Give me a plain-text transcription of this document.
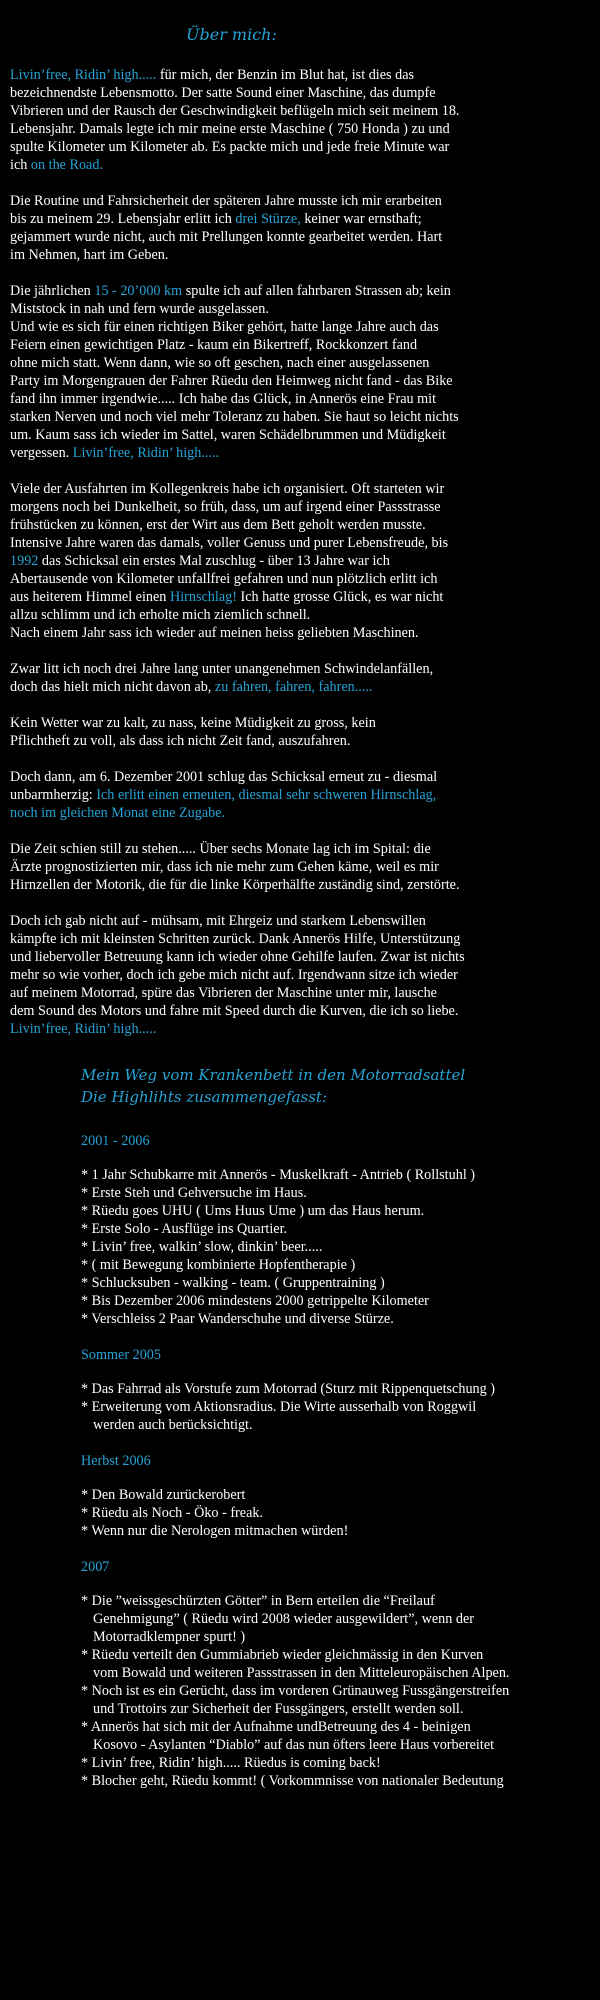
Über mich:
Livin’free, Ridin’ high..... für mich, der Benzin im Blut hat, ist dies das
bezeichnendste Lebensmotto. Der satte Sound einer Maschine, das dumpfe
Vibrieren und der Rausch der Geschwindigkeit beflügeln mich seit meinem 18.
Lebensjahr. Damals legte ich mir meine erste Maschine ( 750 Honda ) zu und
spulte Kilometer um Kilometer ab. Es packte mich und jede freie Minute war
ich on the Road.
Die Routine und Fahrsicherheit der späteren Jahre musste ich mir erarbeiten
bis zu meinem 29. Lebensjahr erlitt ich drei Stürze, keiner war ernsthaft;
gejammert wurde nicht, auch mit Prellungen konnte gearbeitet werden. Hart
im Nehmen, hart im Geben.
Die jährlichen 15 - 20’000 km spulte ich auf allen fahrbaren Strassen ab; kein
Miststock in nah und fern wurde ausgelassen.
Und wie es sich für einen richtigen Biker gehört, hatte lange Jahre auch das
Feiern einen gewichtigen Platz - kaum ein Bikertreff, Rockkonzert fand
ohne mich statt. Wenn dann, wie so oft geschen, nach einer ausgelassenen
Party im Morgengrauen der Fahrer Rüedu den Heimweg nicht fand - das Bike
fand ihn immer irgendwie..... Ich habe das Glück, in Annerös eine Frau mit
starken Nerven und noch viel mehr Toleranz zu haben. Sie haut so leicht nichts
um. Kaum sass ich wieder im Sattel, waren Schädelbrummen und Müdigkeit
vergessen. Livin’free, Ridin’ high.....
Viele der Ausfahrten im Kollegenkreis habe ich organisiert. Oft starteten wir
morgens noch bei Dunkelheit, so früh, dass, um auf irgend einer Passstrasse
frühstücken zu können, erst der Wirt aus dem Bett geholt werden musste.
Intensive Jahre waren das damals, voller Genuss und purer Lebensfreude, bis
1992 das Schicksal ein erstes Mal zuschlug - über 13 Jahre war ich
Abertausende von Kilometer unfallfrei gefahren und nun plötzlich erlitt ich
aus heiterem Himmel einen Hirnschlag! Ich hatte grosse Glück, es war nicht
allzu schlimm und ich erholte mich ziemlich schnell.
Nach einem Jahr sass ich wieder auf meinen heiss geliebten Maschinen.
Zwar litt ich noch drei Jahre lang unter unangenehmen Schwindelanfällen,
doch das hielt mich nicht davon ab, zu fahren, fahren, fahren.....
Kein Wetter war zu kalt, zu nass, keine Müdigkeit zu gross, kein
Pflichtheft zu voll, als dass ich nicht Zeit fand, auszufahren.
Doch dann, am 6. Dezember 2001 schlug das Schicksal erneut zu - diesmal
unbarmherzig: Ich erlitt einen erneuten, diesmal sehr schweren Hirnschlag,
noch im gleichen Monat eine Zugabe.
Die Zeit schien still zu stehen..... Über sechs Monate lag ich im Spital: die
Ärzte prognostizierten mir, dass ich nie mehr zum Gehen käme, weil es mir
Hirnzellen der Motorik, die für die linke Körperhälfte zuständig sind, zerstörte.
Doch ich gab nicht auf - mühsam, mit Ehrgeiz und starkem Lebenswillen
kämpfte ich mit kleinsten Schritten zurück. Dank Annerös Hilfe, Unterstützung
und liebervoller Betreuung kann ich wieder ohne Gehilfe laufen. Zwar ist nichts
mehr so wie vorher, doch ich gebe mich nicht auf. Irgendwann sitze ich wieder
auf meinem Motorrad, spüre das Vibrieren der Maschine unter mir, lausche
dem Sound des Motors und fahre mit Speed durch die Kurven, die ich so liebe.
Livin’free, Ridin’ high.....
Mein Weg vom Krankenbett in den Motorradsattel
Die Highlihts zusammengefasst:
2001 - 2006
* 1 Jahr Schubkarre mit Annerös - Muskelkraft - Antrieb ( Rollstuhl )
* Erste Steh und Gehversuche im Haus.
* Rüedu goes UHU ( Ums Huus Ume ) um das Haus herum.
* Erste Solo - Ausflüge ins Quartier.
* Livin’ free, walkin’ slow, dinkin’ beer.....
* ( mit Bewegung kombinierte Hopfentherapie )
* Schlucksuben - walking - team. ( Gruppentraining )
* Bis Dezember 2006 mindestens 2000 getrippelte Kilometer
* Verschleiss 2 Paar Wanderschuhe und diverse Stürze.
Sommer 2005
* Das Fahrrad als Vorstufe zum Motorrad (Sturz mit Rippenquetschung )
* Erweiterung vom Aktionsradius. Die Wirte ausserhalb von Roggwil
werden auch berücksichtigt.
Herbst 2006
* Den Bowald zurückerobert
* Rüedu als Noch - Öko - freak.
* Wenn nur die Nerologen mitmachen würden!
2007
* Die ”weissgeschürzten Götter” in Bern erteilen die “Freilauf
Genehmigung” ( Rüedu wird 2008 wieder ausgewildert”, wenn der
Motorradklempner spurt! )
* Rüedu verteilt den Gummiabrieb wieder gleichmässig in den Kurven
vom Bowald und weiteren Passstrassen in den Mitteleuropäischen Alpen.
* Noch ist es ein Gerücht, dass im vorderen Grünauweg Fussgängerstreifen
und Trottoirs zur Sicherheit der Fussgängers, erstellt werden soll.
* Annerös hat sich mit der Aufnahme undBetreuung des 4 - beinigen
Kosovo - Asylanten “Diablo” auf das nun öfters leere Haus vorbereitet
* Livin’ free, Ridin’ high..... Rüedus is coming back!
* Blocher geht, Rüedu kommt! ( Vorkommnisse von nationaler Bedeutung
